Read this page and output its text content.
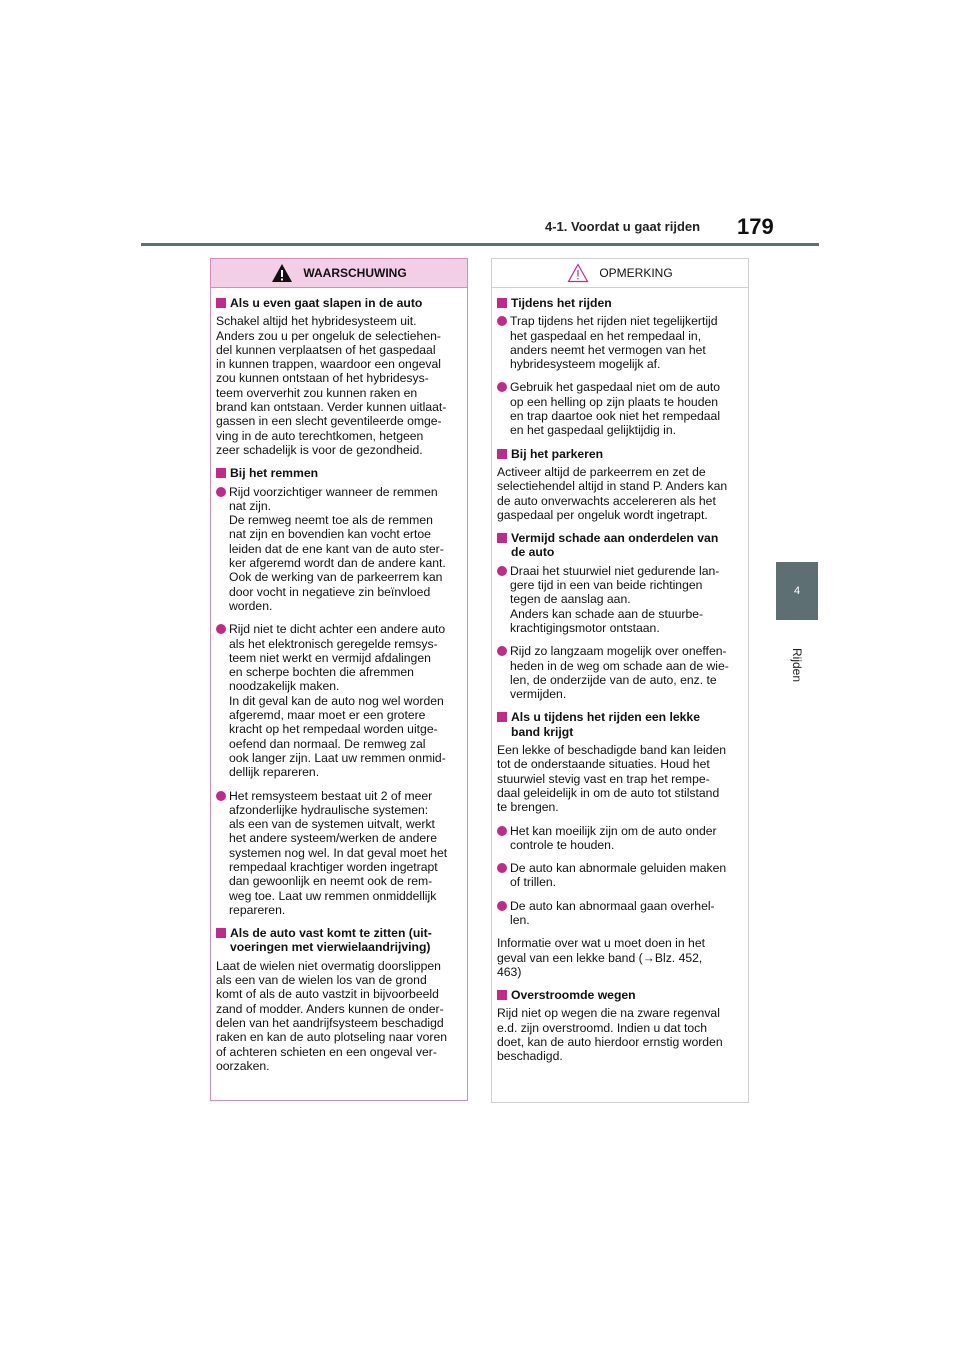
4-1. Voordat u gaat rijden 179
4
Rijden
WAARSCHUWING
Als u even gaat slapen in de auto
Schakel altijd het hybridesysteem uit.
Anders zou u per ongeluk de selectiehen-
del kunnen verplaatsen of het gaspedaal
in kunnen trappen, waardoor een ongeval
zou kunnen ontstaan of het hybridesys-
teem oververhit zou kunnen raken en
brand kan ontstaan. Verder kunnen uitlaat-
gassen in een slecht geventileerde omge-
ving in de auto terechtkomen, hetgeen
zeer schadelijk is voor de gezondheid.
Bij het remmen
Rijd voorzichtiger wanneer de remmen
nat zijn.
De remweg neemt toe als de remmen
nat zijn en bovendien kan vocht ertoe
leiden dat de ene kant van de auto ster-
ker afgeremd wordt dan de andere kant.
Ook de werking van de parkeerrem kan
door vocht in negatieve zin beïnvloed
worden.
Rijd niet te dicht achter een andere auto
als het elektronisch geregelde remsys-
teem niet werkt en vermijd afdalingen
en scherpe bochten die afremmen
noodzakelijk maken.
In dit geval kan de auto nog wel worden
afgeremd, maar moet er een grotere
kracht op het rempedaal worden uitge-
oefend dan normaal. De remweg zal
ook langer zijn. Laat uw remmen onmid-
dellijk repareren.
Het remsysteem bestaat uit 2 of meer
afzonderlijke hydraulische systemen:
als een van de systemen uitvalt, werkt
het andere systeem/werken de andere
systemen nog wel. In dat geval moet het
rempedaal krachtiger worden ingetrapt
dan gewoonlijk en neemt ook de rem-
weg toe. Laat uw remmen onmiddellijk
repareren.
Als de auto vast komt te zitten (uit-
voeringen met vierwielaandrijving)
Laat de wielen niet overmatig doorslippen
als een van de wielen los van de grond
komt of als de auto vastzit in bijvoorbeeld
zand of modder. Anders kunnen de onder-
delen van het aandrijfsysteem beschadigd
raken en kan de auto plotseling naar voren
of achteren schieten en een ongeval ver-
oorzaken.
OPMERKING
Tijdens het rijden
Trap tijdens het rijden niet tegelijkertijd
het gaspedaal en het rempedaal in,
anders neemt het vermogen van het
hybridesysteem mogelijk af.
Gebruik het gaspedaal niet om de auto
op een helling op zijn plaats te houden
en trap daartoe ook niet het rempedaal
en het gaspedaal gelijktijdig in.
Bij het parkeren
Activeer altijd de parkeerrem en zet de
selectiehendel altijd in stand P. Anders kan
de auto onverwachts accelereren als het
gaspedaal per ongeluk wordt ingetrapt.
Vermijd schade aan onderdelen van
de auto
Draai het stuurwiel niet gedurende lan-
gere tijd in een van beide richtingen
tegen de aanslag aan.
Anders kan schade aan de stuurbe-
krachtigingsmotor ontstaan.
Rijd zo langzaam mogelijk over oneffen-
heden in de weg om schade aan de wie-
len, de onderzijde van de auto, enz. te
vermijden.
Als u tijdens het rijden een lekke
band krijgt
Een lekke of beschadigde band kan leiden
tot de onderstaande situaties. Houd het
stuurwiel stevig vast en trap het rempe-
daal geleidelijk in om de auto tot stilstand
te brengen.
Het kan moeilijk zijn om de auto onder
controle te houden.
De auto kan abnormale geluiden maken
of trillen.
De auto kan abnormaal gaan overhel-
len.
Informatie over wat u moet doen in het
geval van een lekke band (→Blz. 452,
463)
Overstroomde wegen
Rijd niet op wegen die na zware regenval
e.d. zijn overstroomd. Indien u dat toch
doet, kan de auto hierdoor ernstig worden
beschadigd.
